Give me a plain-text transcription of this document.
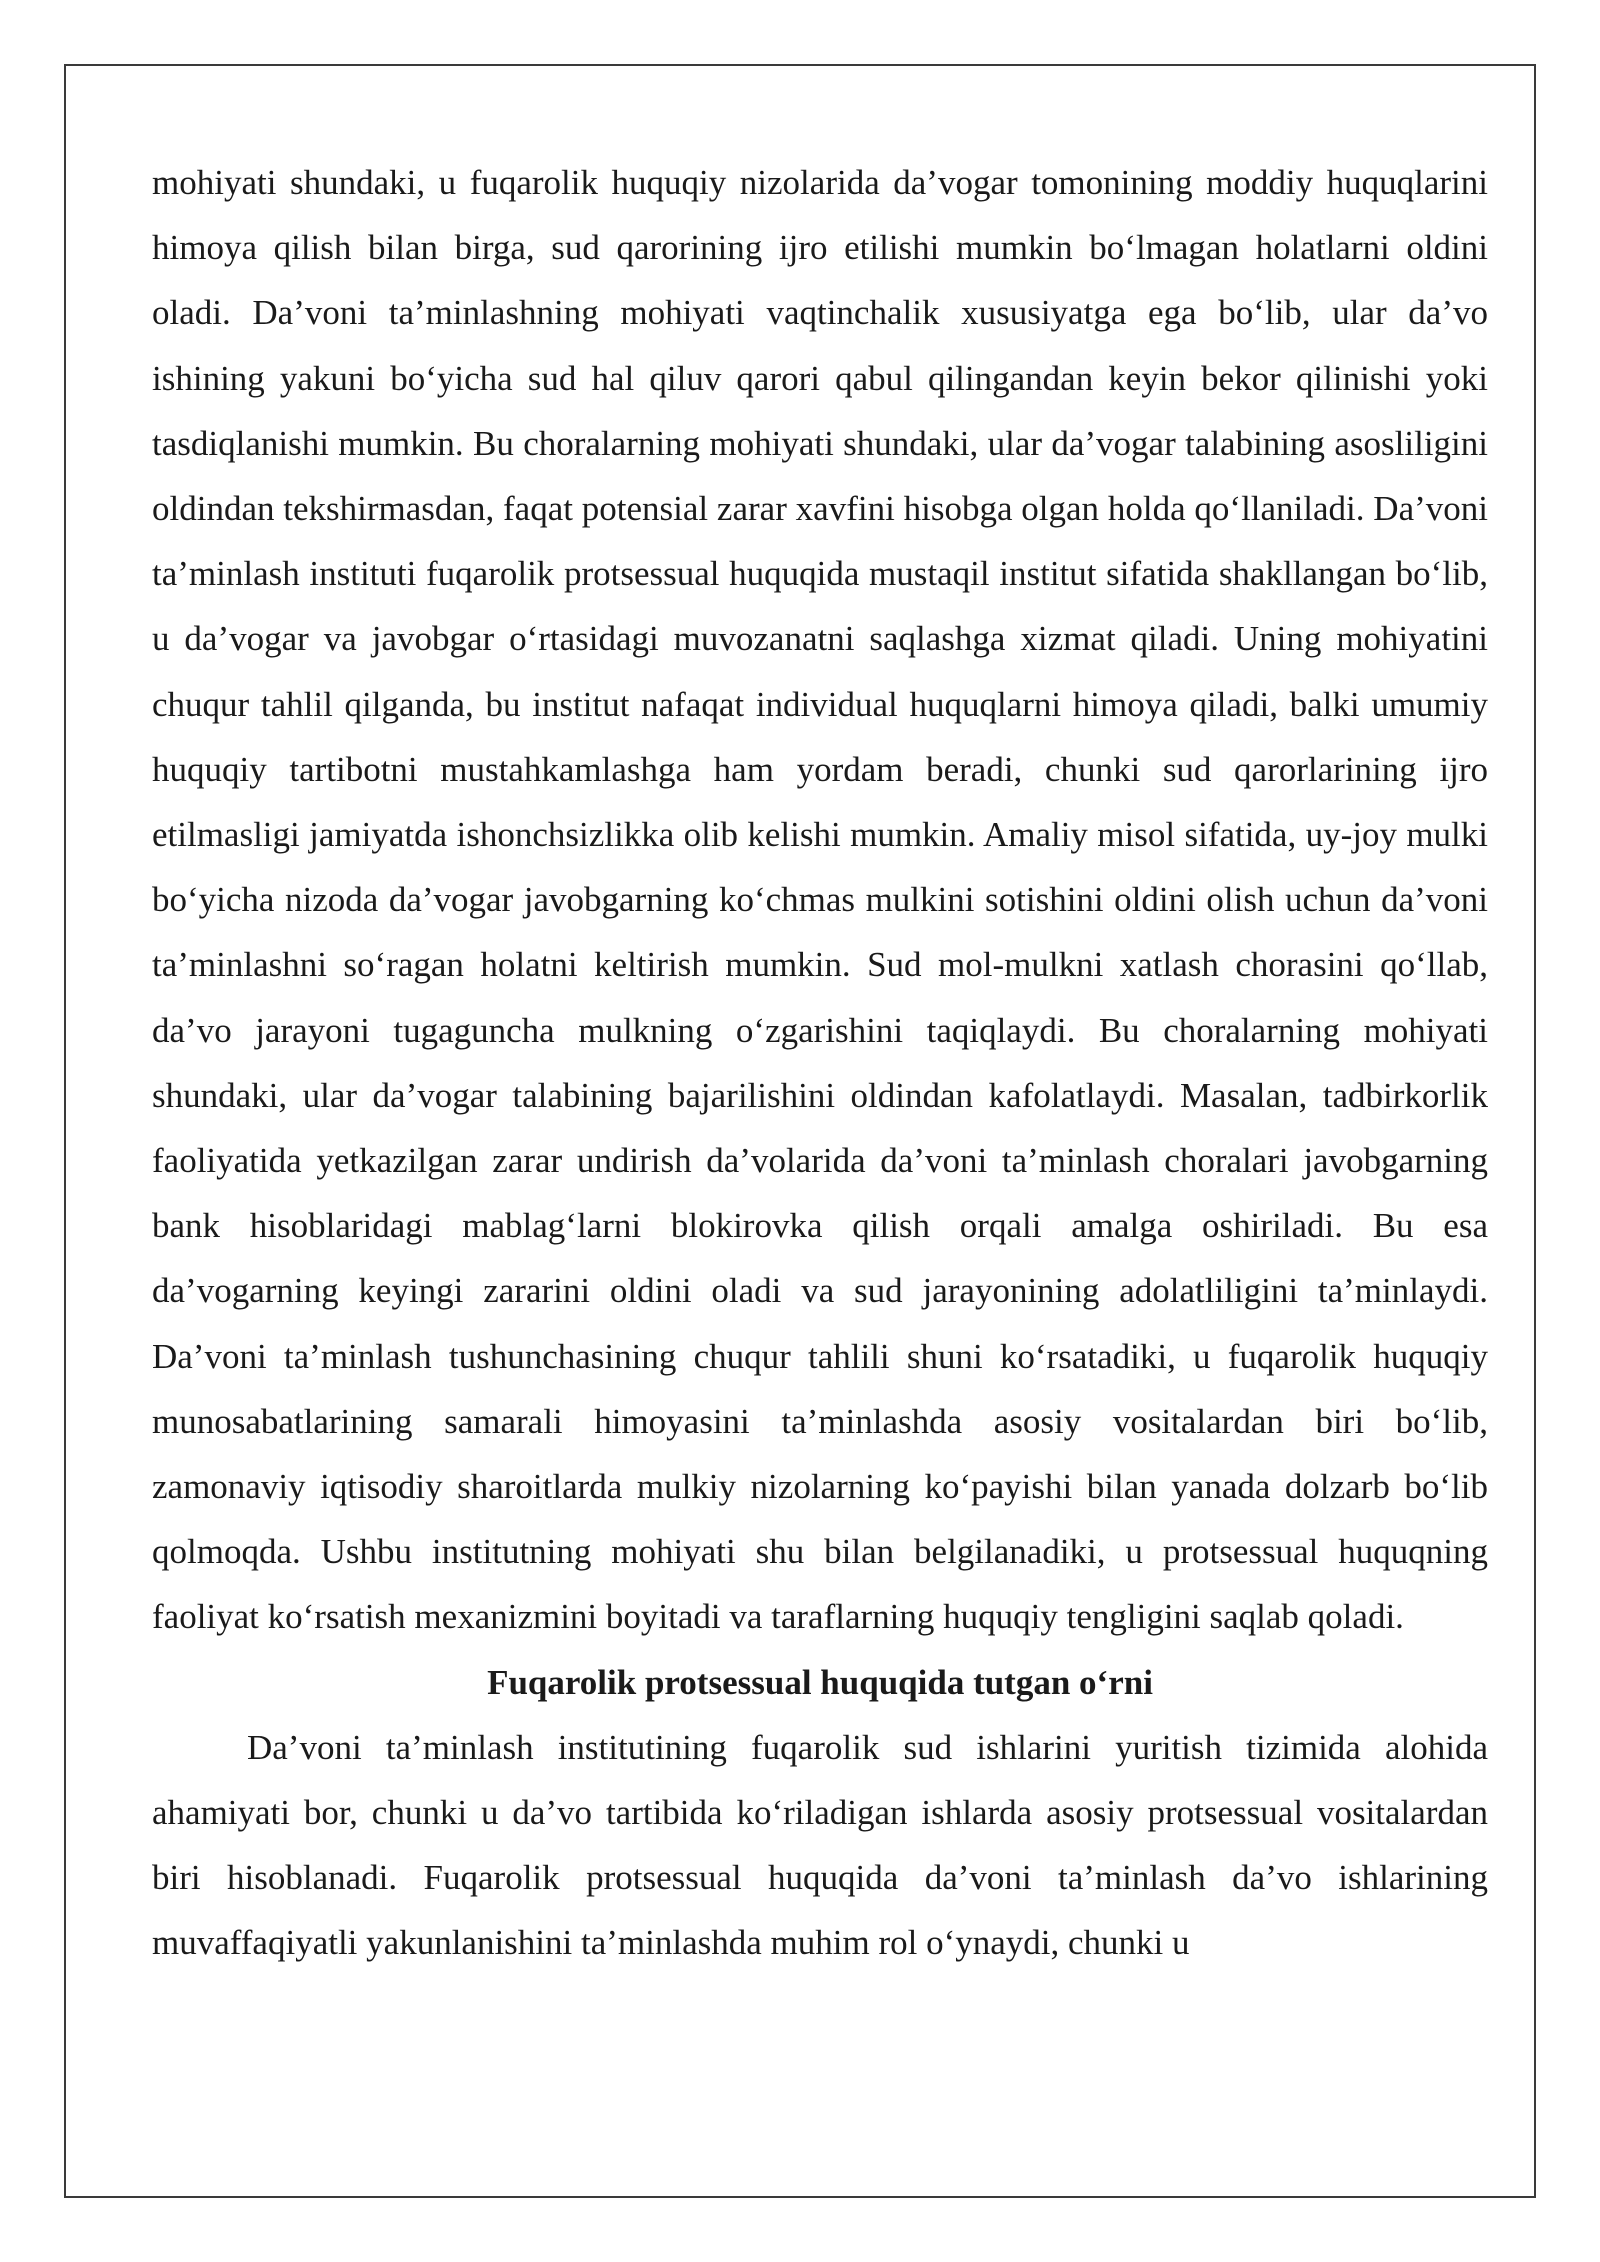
mohiyati shundaki, u fuqarolik huquqiy nizolarida da’vogar tomonining moddiy huquqlarini himoya qilish bilan birga, sud qarorining ijro etilishi mumkin bo‘lmagan holatlarni oldini oladi. Da’voni ta’minlashning mohiyati vaqtinchalik xususiyatga ega bo‘lib, ular da’vo ishining yakuni bo‘yicha sud hal qiluv qarori qabul qilingandan keyin bekor qilinishi yoki tasdiqlanishi mumkin. Bu choralarning mohiyati shundaki, ular da’vogar talabining asosliligini oldindan tekshirmasdan, faqat potensial zarar xavfini hisobga olgan holda qo‘llaniladi. Da’voni ta’minlash instituti fuqarolik protsessual huquqida mustaqil institut sifatida shakllangan bo‘lib, u da’vogar va javobgar o‘rtasidagi muvozanatni saqlashga xizmat qiladi. Uning mohiyatini chuqur tahlil qilganda, bu institut nafaqat individual huquqlarni himoya qiladi, balki umumiy huquqiy tartibotni mustahkamlashga ham yordam beradi, chunki sud qarorlarining ijro etilmasligi jamiyatda ishonchsizlikka olib kelishi mumkin. Amaliy misol sifatida, uy-joy mulki bo‘yicha nizoda da’vogar javobgarning ko‘chmas mulkini sotishini oldini olish uchun da’voni ta’minlashni so‘ragan holatni keltirish mumkin. Sud mol-mulkni xatlash chorasini qo‘llab, da’vo jarayoni tugaguncha mulkning o‘zgarishini taqiqlaydi. Bu choralarning mohiyati shundaki, ular da’vogar talabining bajarilishini oldindan kafolatlaydi. Masalan, tadbirkorlik faoliyatida yetkazilgan zarar undirish da’volarida da’voni ta’minlash choralari javobgarning bank hisoblaridagi mablag‘larni blokirovka qilish orqali amalga oshiriladi. Bu esa da’vogarning keyingi zararini oldini oladi va sud jarayonining adolatliligini ta’minlaydi. Da’voni ta’minlash tushunchasining chuqur tahlili shuni ko‘rsatadiki, u fuqarolik huquqiy munosabatlarining samarali himoyasini ta’minlashda asosiy vositalardan biri bo‘lib, zamonaviy iqtisodiy sharoitlarda mulkiy nizolarning ko‘payishi bilan yanada dolzarb bo‘lib qolmoqda. Ushbu institutning mohiyati shu bilan belgilanadiki, u protsessual huquqning faoliyat ko‘rsatish mexanizmini boyitadi va taraflarning huquqiy tengligini saqlab qoladi.

Fuqarolik protsessual huquqida tutgan o‘rni

Da’voni ta’minlash institutining fuqarolik sud ishlarini yuritish tizimida alohida ahamiyati bor, chunki u da’vo tartibida ko‘riladigan ishlarda asosiy protsessual vositalardan biri hisoblanadi. Fuqarolik protsessual huquqida da’voni ta’minlash da’vo ishlarining muvaffaqiyatli yakunlanishini ta’minlashda muhim rol o‘ynaydi, chunki u
